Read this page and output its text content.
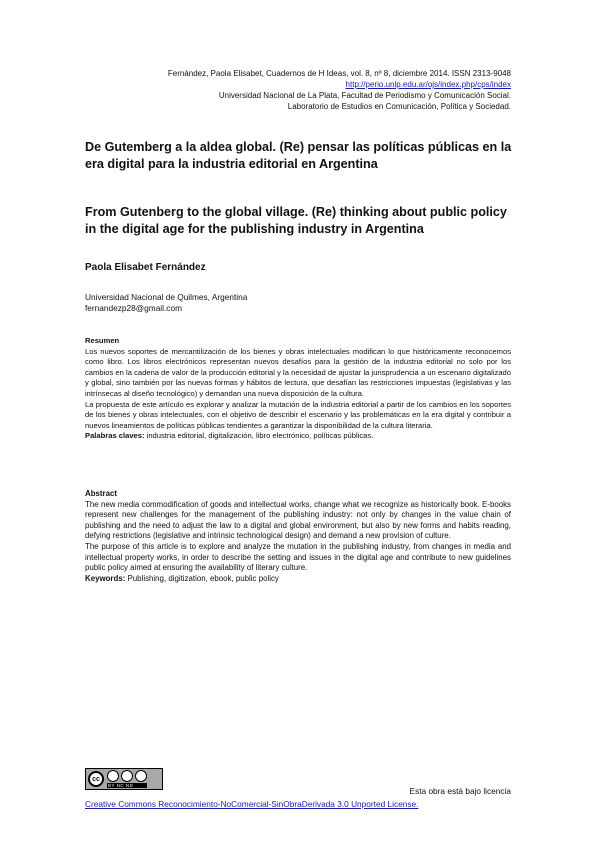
Fernández, Paola Elisabet, Cuadernos de H Ideas, vol. 8, nº 8, diciembre 2014. ISSN 2313-9048
http://perio.unlp.edu.ar/ojs/index.php/cps/index
Universidad Nacional de La Plata, Facultad de Periodismo y Comunicación Social.
Laboratorio de Estudios en Comunicación, Política y Sociedad.
De Gutemberg a la aldea global. (Re) pensar las políticas públicas en la era digital para la industria editorial en Argentina
From Gutenberg to the global village. (Re) thinking about public policy in the digital age for the publishing industry in Argentina
Paola Elisabet Fernández
Universidad Nacional de Quilmes, Argentina
fernandezp28@gmail.com
Resumen

Los nuevos soportes de mercantilización de los bienes y obras intelectuales modifican lo que históricamente reconocemos como libro. Los libros electrónicos representan nuevos desafíos para la gestión de la industria editorial no solo por los cambios en la cadena de valor de la producción editorial y la necesidad de ajustar la jurisprudencia a un escenario digitalizado y global, sino también por las nuevas formas y hábitos de lectura, que desafían las restricciones impuestas (legislativas y las intrínsecas al diseño tecnológico) y demandan una nueva disposición de la cultura.

La propuesta de este artículo es explorar y analizar la mutación de la industria editorial a partir de los cambios en los soportes de los bienes y obras intelectuales, con el objetivo de describir el escenario y las problemáticas en la era digital y contribuir a nuevos lineamientos de políticas públicas tendientes a garantizar la disponibilidad de la cultura literaria.

Palabras claves: industria editorial, digitalización, libro electrónico, políticas públicas.

Abstract

The new media commodification of goods and intellectual works, change what we recognize as historically book. E-books represent new challenges for the management of the publishing industry: not only by changes in the value chain of publishing and the need to adjust the law to a digital and global environment, but also by new forms and habits reading, defying restrictions (legislative and intrinsic technological design) and demand a new provision of culture.

The purpose of this article is to explore and analyze the mutation in the publishing industry, from changes in media and intellectual property works, in order to describe the setting and issues in the digital age and contribute to new guidelines public policy aimed at ensuring the availability of literary culture.

Keywords: Publishing, digitization, ebook, public policy

cc
BY NC ND
Esta obra está bajo licencia
Creative Commons Reconocimiento-NoComercial-SinObraDerivada 3.0 Unported License.
